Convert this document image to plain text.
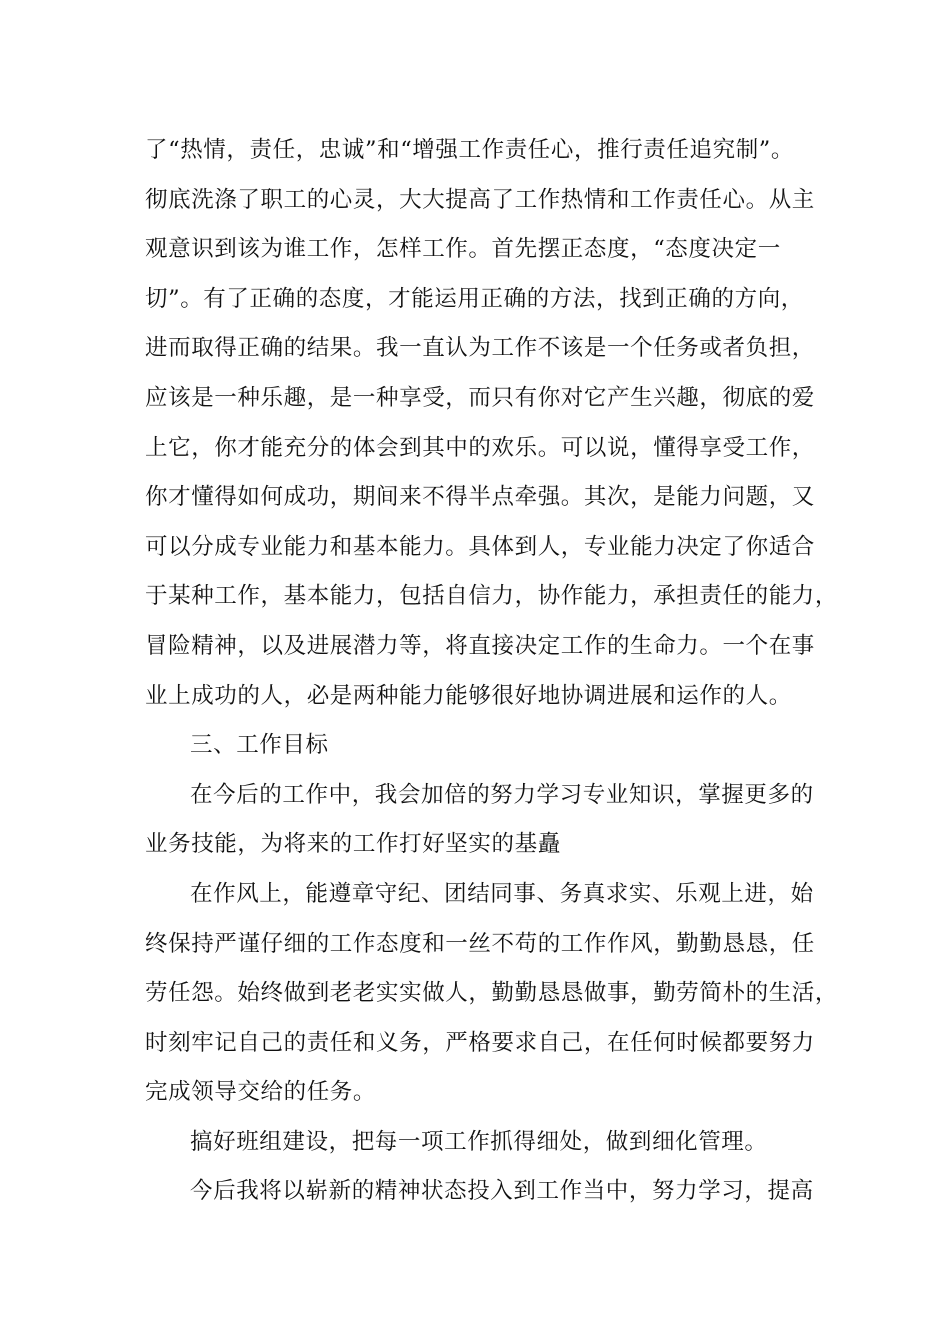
了“热情，责任，忠诚”和“增强工作责任心，推行责任追究制”。
彻底洗涤了职工的心灵，大大提高了工作热情和工作责任心。从主
观意识到该为谁工作，怎样工作。首先摆正态度，“态度决定一
切”。有了正确的态度，才能运用正确的方法，找到正确的方向，
进而取得正确的结果。我一直认为工作不该是一个任务或者负担，
应该是一种乐趣，是一种享受，而只有你对它产生兴趣，彻底的爱
上它，你才能充分的体会到其中的欢乐。可以说，懂得享受工作，
你才懂得如何成功，期间来不得半点牵强。其次，是能力问题，又
可以分成专业能力和基本能力。具体到人，专业能力决定了你适合
于某种工作，基本能力，包括自信力，协作能力，承担责任的能力，
冒险精神，以及进展潜力等，将直接决定工作的生命力。一个在事
业上成功的人，必是两种能力能够很好地协调进展和运作的人。
三、工作目标
在今后的工作中，我会加倍的努力学习专业知识，掌握更多的
业务技能，为将来的工作打好坚实的基矗
在作风上，能遵章守纪、团结同事、务真求实、乐观上进，始
终保持严谨仔细的工作态度和一丝不苟的工作作风，勤勤恳恳，任
劳任怨。始终做到老老实实做人，勤勤恳恳做事，勤劳简朴的生活，
时刻牢记自己的责任和义务，严格要求自己，在任何时候都要努力
完成领导交给的任务。
搞好班组建设，把每一项工作抓得细处，做到细化管理。
今后我将以崭新的精神状态投入到工作当中，努力学习，提高
